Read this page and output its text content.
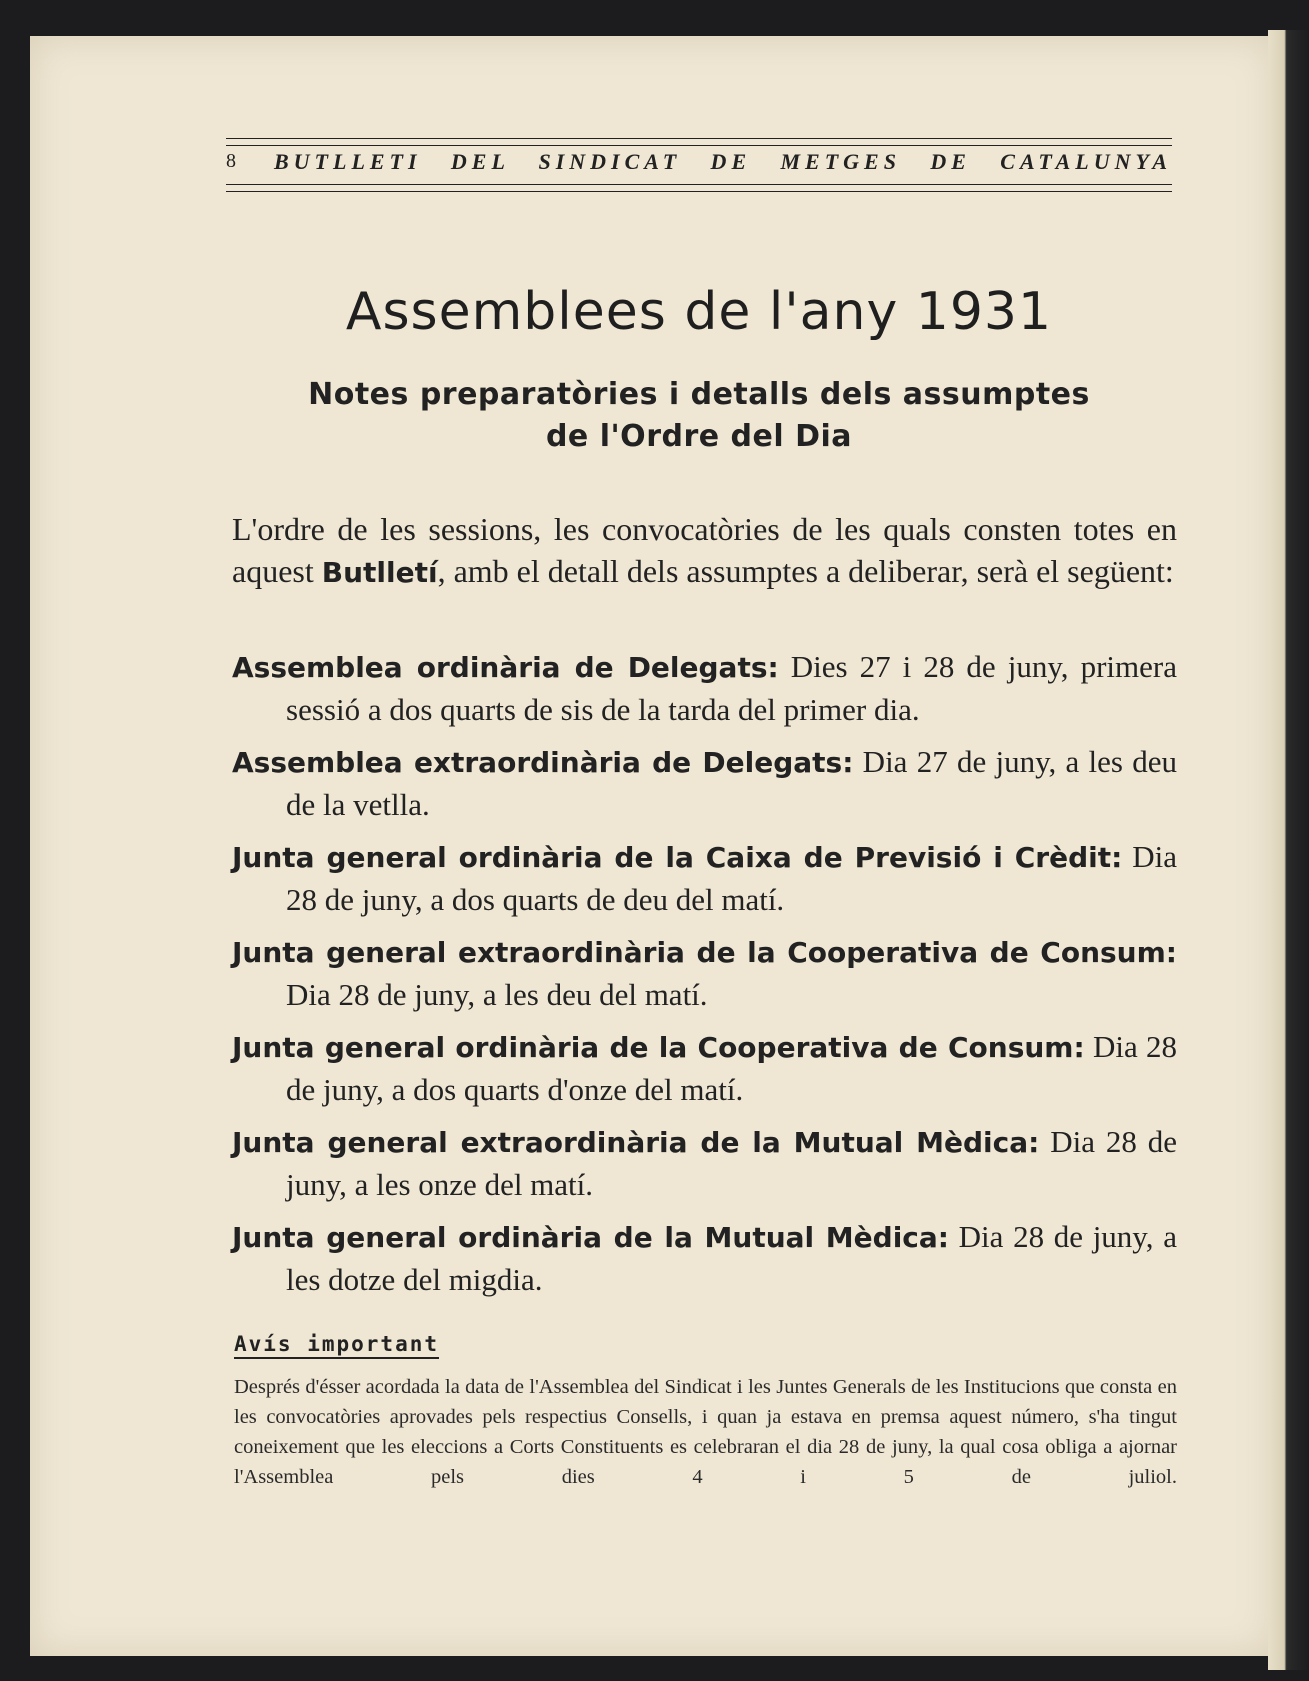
8 BUTLLETI DEL SINDICAT DE METGES DE CATALUNYA
Assemblees de l'any 1931
Notes preparatòries i detalls dels assumptes
de l'Ordre del Dia
L'ordre de les sessions, les convocatòries de les quals consten totes en aquest Butlletí, amb el detall dels assumptes a deliberar, serà el següent:
Assemblea ordinària de Delegats: Dies 27 i 28 de juny, primera sessió a dos quarts de sis de la tarda del primer dia.
Assemblea extraordinària de Delegats: Dia 27 de juny, a les deu de la vetlla.
Junta general ordinària de la Caixa de Previsió i Crèdit: Dia 28 de juny, a dos quarts de deu del matí.
Junta general extraordinària de la Cooperativa de Consum: Dia 28 de juny, a les deu del matí.
Junta general ordinària de la Cooperativa de Consum: Dia 28 de juny, a dos quarts d'onze del matí.
Junta general extraordinària de la Mutual Mèdica: Dia 28 de juny, a les onze del matí.
Junta general ordinària de la Mutual Mèdica: Dia 28 de juny, a les dotze del migdia.
Avís important
Després d'ésser acordada la data de l'Assemblea del Sindicat i les Juntes Generals de les Institucions que consta en les convocatòries aprovades pels respectius Consells, i quan ja estava en premsa aquest número, s'ha tingut coneixement que les eleccions a Corts Constituents es celebraran el dia 28 de juny, la qual cosa obliga a ajornar l'Assemblea pels dies 4 i 5 de juliol.
